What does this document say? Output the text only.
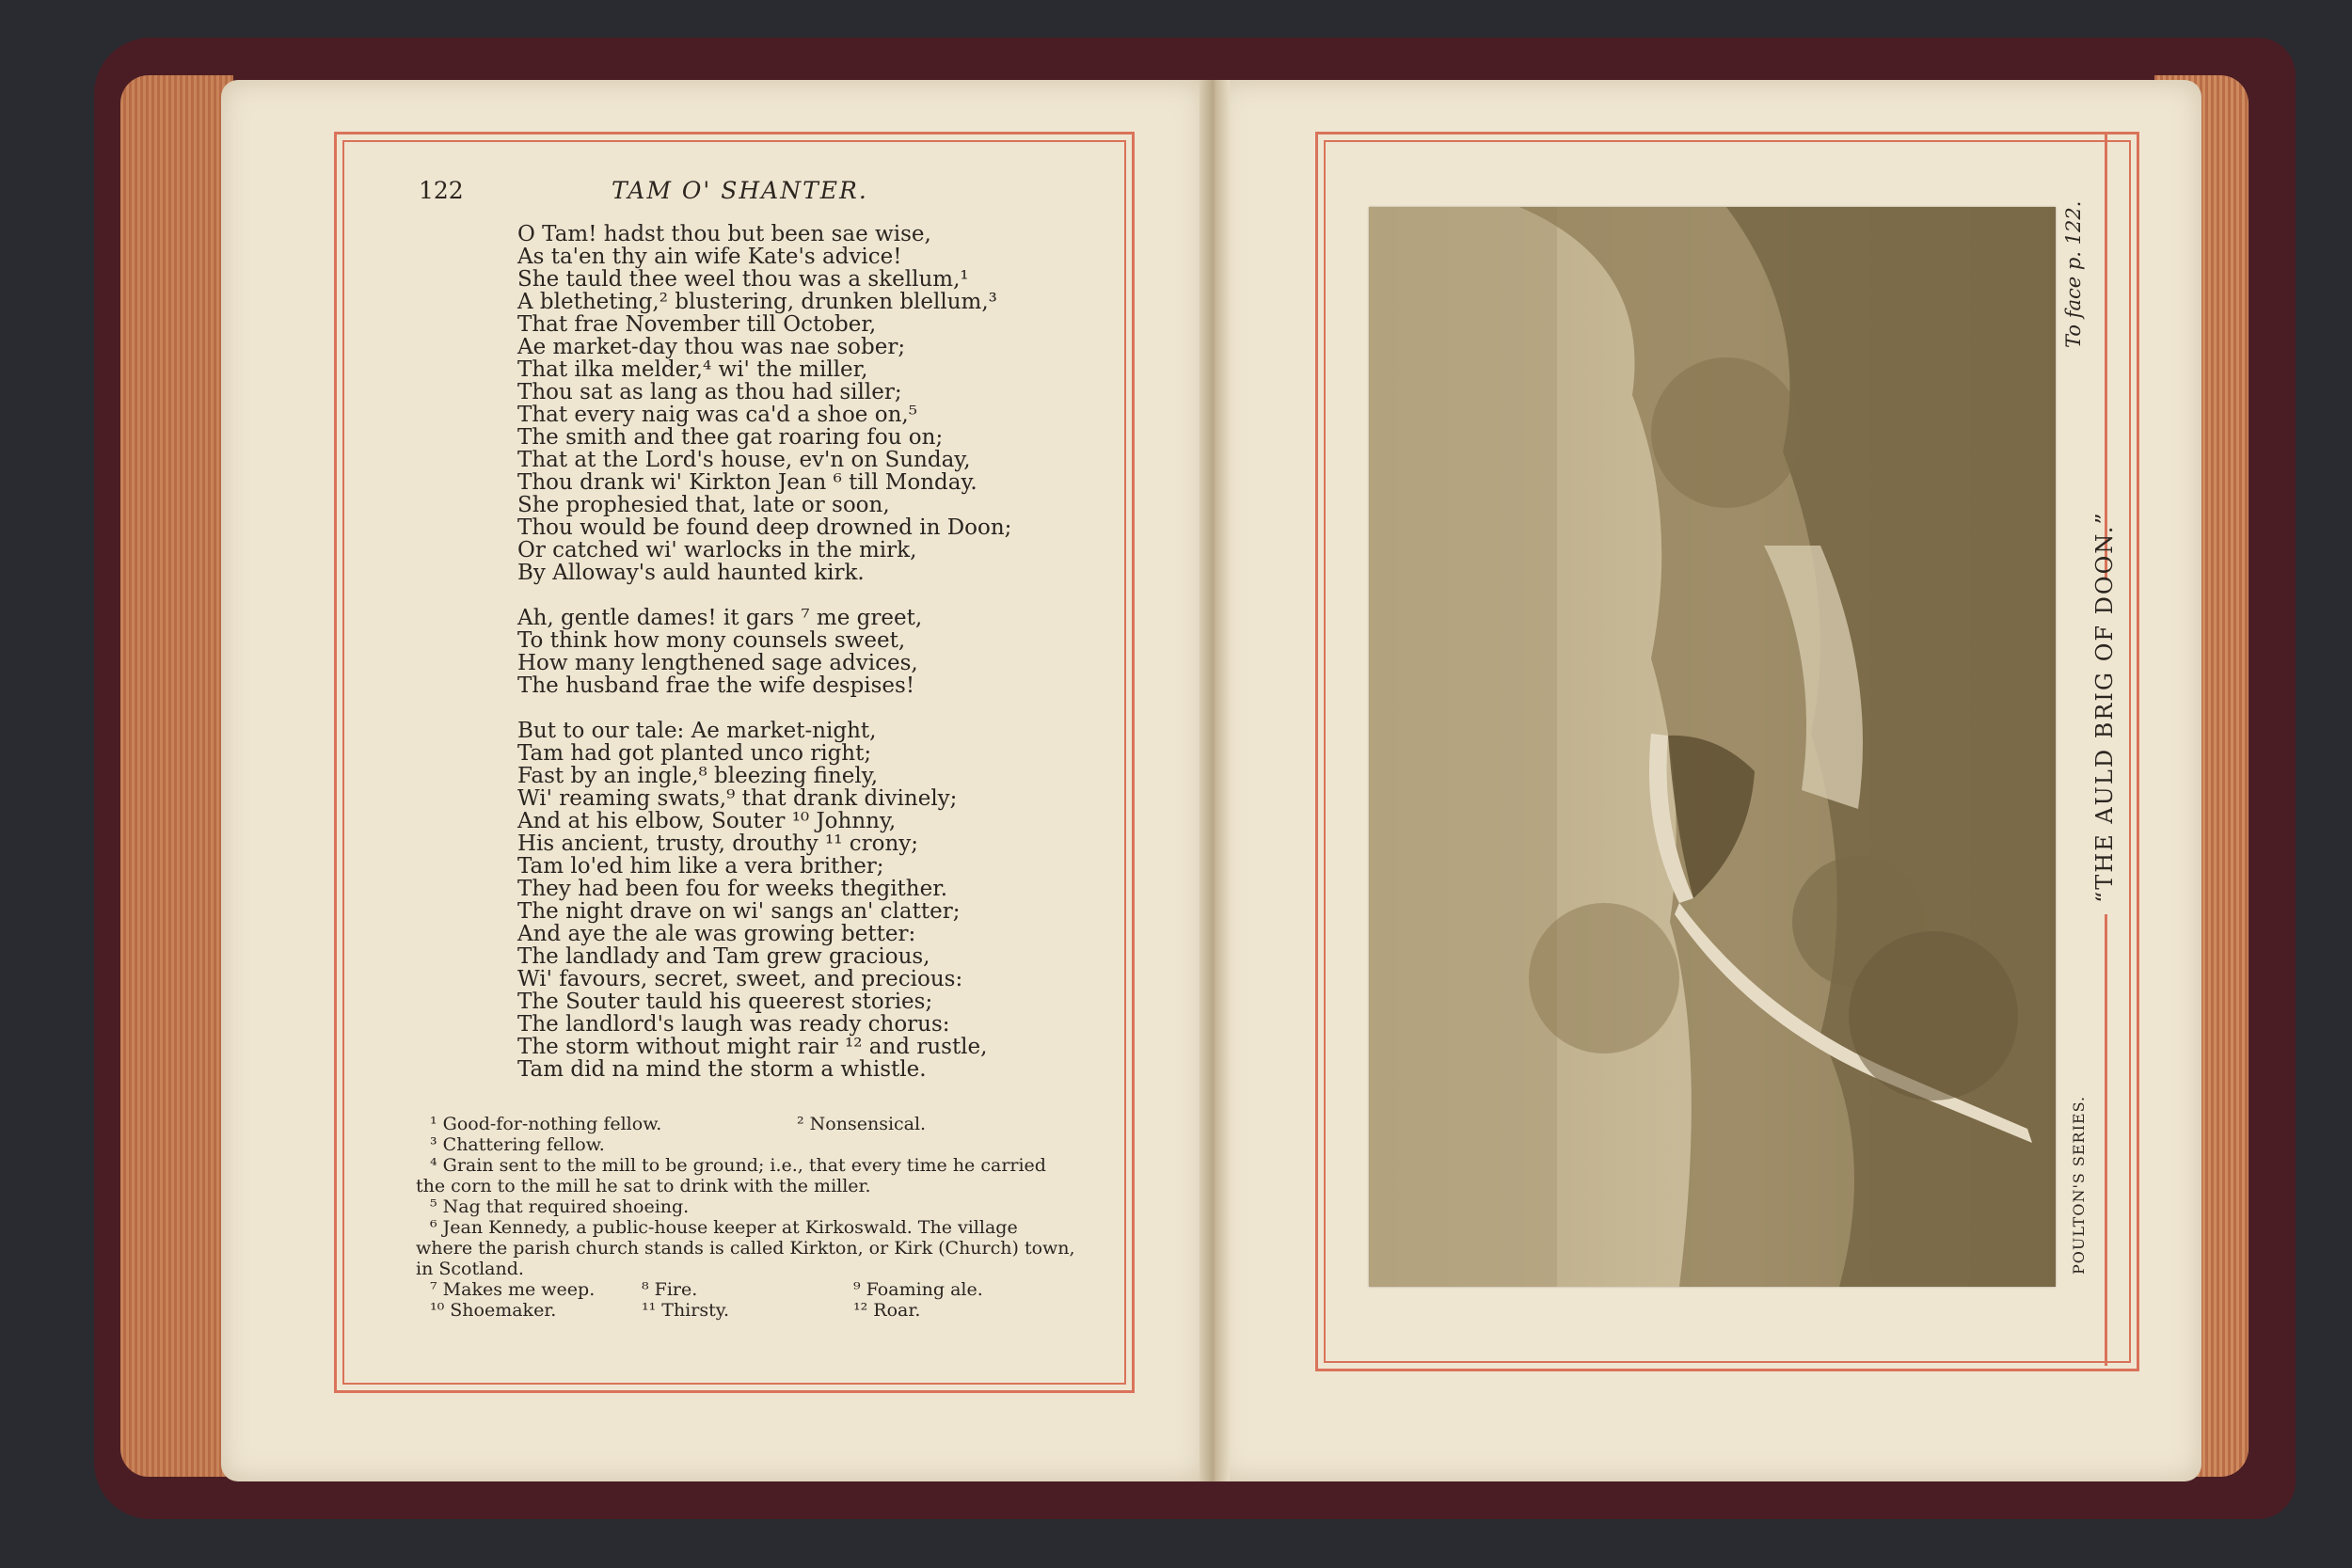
122	TAM O' SHANTER.
O Tam! hadst thou but been sae wise,
As ta'en thy ain wife Kate's advice!
She tauld thee weel thou was a skellum,¹
A bletheting,² blustering, drunken blellum,³
That frae November till October,
Ae market-day thou was nae sober;
That ilka melder,⁴ wi' the miller,
Thou sat as lang as thou had siller;
That every naig was ca'd a shoe on,⁵
The smith and thee gat roaring fou on;
That at the Lord's house, ev'n on Sunday,
Thou drank wi' Kirkton Jean ⁶ till Monday.
She prophesied that, late or soon,
Thou would be found deep drowned in Doon;
Or catched wi' warlocks in the mirk,
By Alloway's auld haunted kirk.
Ah, gentle dames! it gars ⁷ me greet,
To think how mony counsels sweet,
How many lengthened sage advices,
The husband frae the wife despises!
But to our tale: Ae market-night,
Tam had got planted unco right;
Fast by an ingle,⁸ bleezing finely,
Wi' reaming swats,⁹ that drank divinely;
And at his elbow, Souter ¹⁰ Johnny,
His ancient, trusty, drouthy ¹¹ crony;
Tam lo'ed him like a vera brither;
They had been fou for weeks thegither.
The night drave on wi' sangs an' clatter;
And aye the ale was growing better:
The landlady and Tam grew gracious,
Wi' favours, secret, sweet, and precious:
The Souter tauld his queerest stories;
The landlord's laugh was ready chorus:
The storm without might rair ¹² and rustle,
Tam did na mind the storm a whistle.
¹ Good-for-nothing fellow.	² Nonsensical.
³ Chattering fellow.
⁴ Grain sent to the mill to be ground; i.e., that every time he carried
the corn to the mill he sat to drink with the miller.
⁵ Nag that required shoeing.
⁶ Jean Kennedy, a public-house keeper at Kirkoswald. The village
where the parish church stands is called Kirkton, or Kirk (Church) town,
in Scotland.
⁷ Makes me weep.	⁸ Fire.	⁹ Foaming ale.
¹⁰ Shoemaker.	¹¹ Thirsty.	¹² Roar.
To face p. 122.
“THE AULD BRIG OF DOON.”
POULTON'S SERIES.
